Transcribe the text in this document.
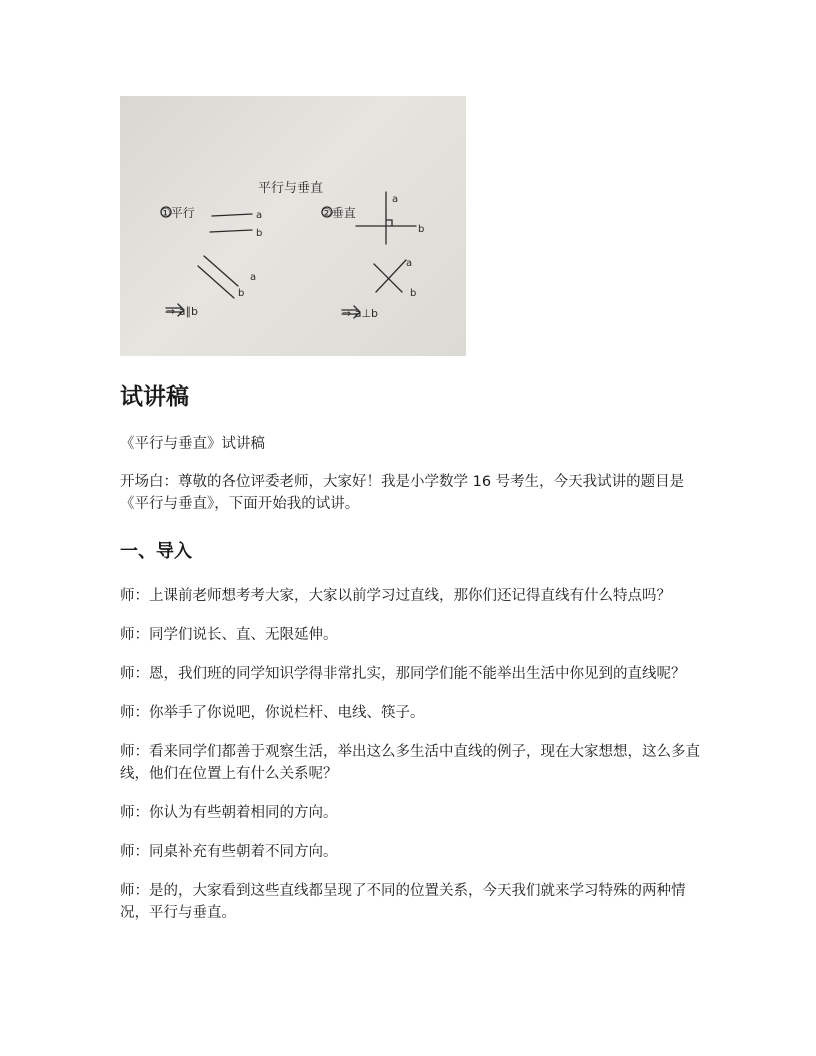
平行与垂直
①平行	②垂直
a
b
a
b
a
b
a
b
⇒ a∥b	⇒ a⊥b
试讲稿

《平行与垂直》试讲稿

开场白：尊敬的各位评委老师，大家好！我是小学数学 16 号考生，今天我试讲的题目是《平行与垂直》，下面开始我的试讲。

一、导入

师：上课前老师想考考大家，大家以前学习过直线，那你们还记得直线有什么特点吗？

师：同学们说长、直、无限延伸。

师：恩，我们班的同学知识学得非常扎实，那同学们能不能举出生活中你见到的直线呢？

师：你举手了你说吧，你说栏杆、电线、筷子。

师：看来同学们都善于观察生活，举出这么多生活中直线的例子，现在大家想想，这么多直线，他们在位置上有什么关系呢？

师：你认为有些朝着相同的方向。

师：同桌补充有些朝着不同方向。

师：是的，大家看到这些直线都呈现了不同的位置关系，今天我们就来学习特殊的两种情况，平行与垂直。
